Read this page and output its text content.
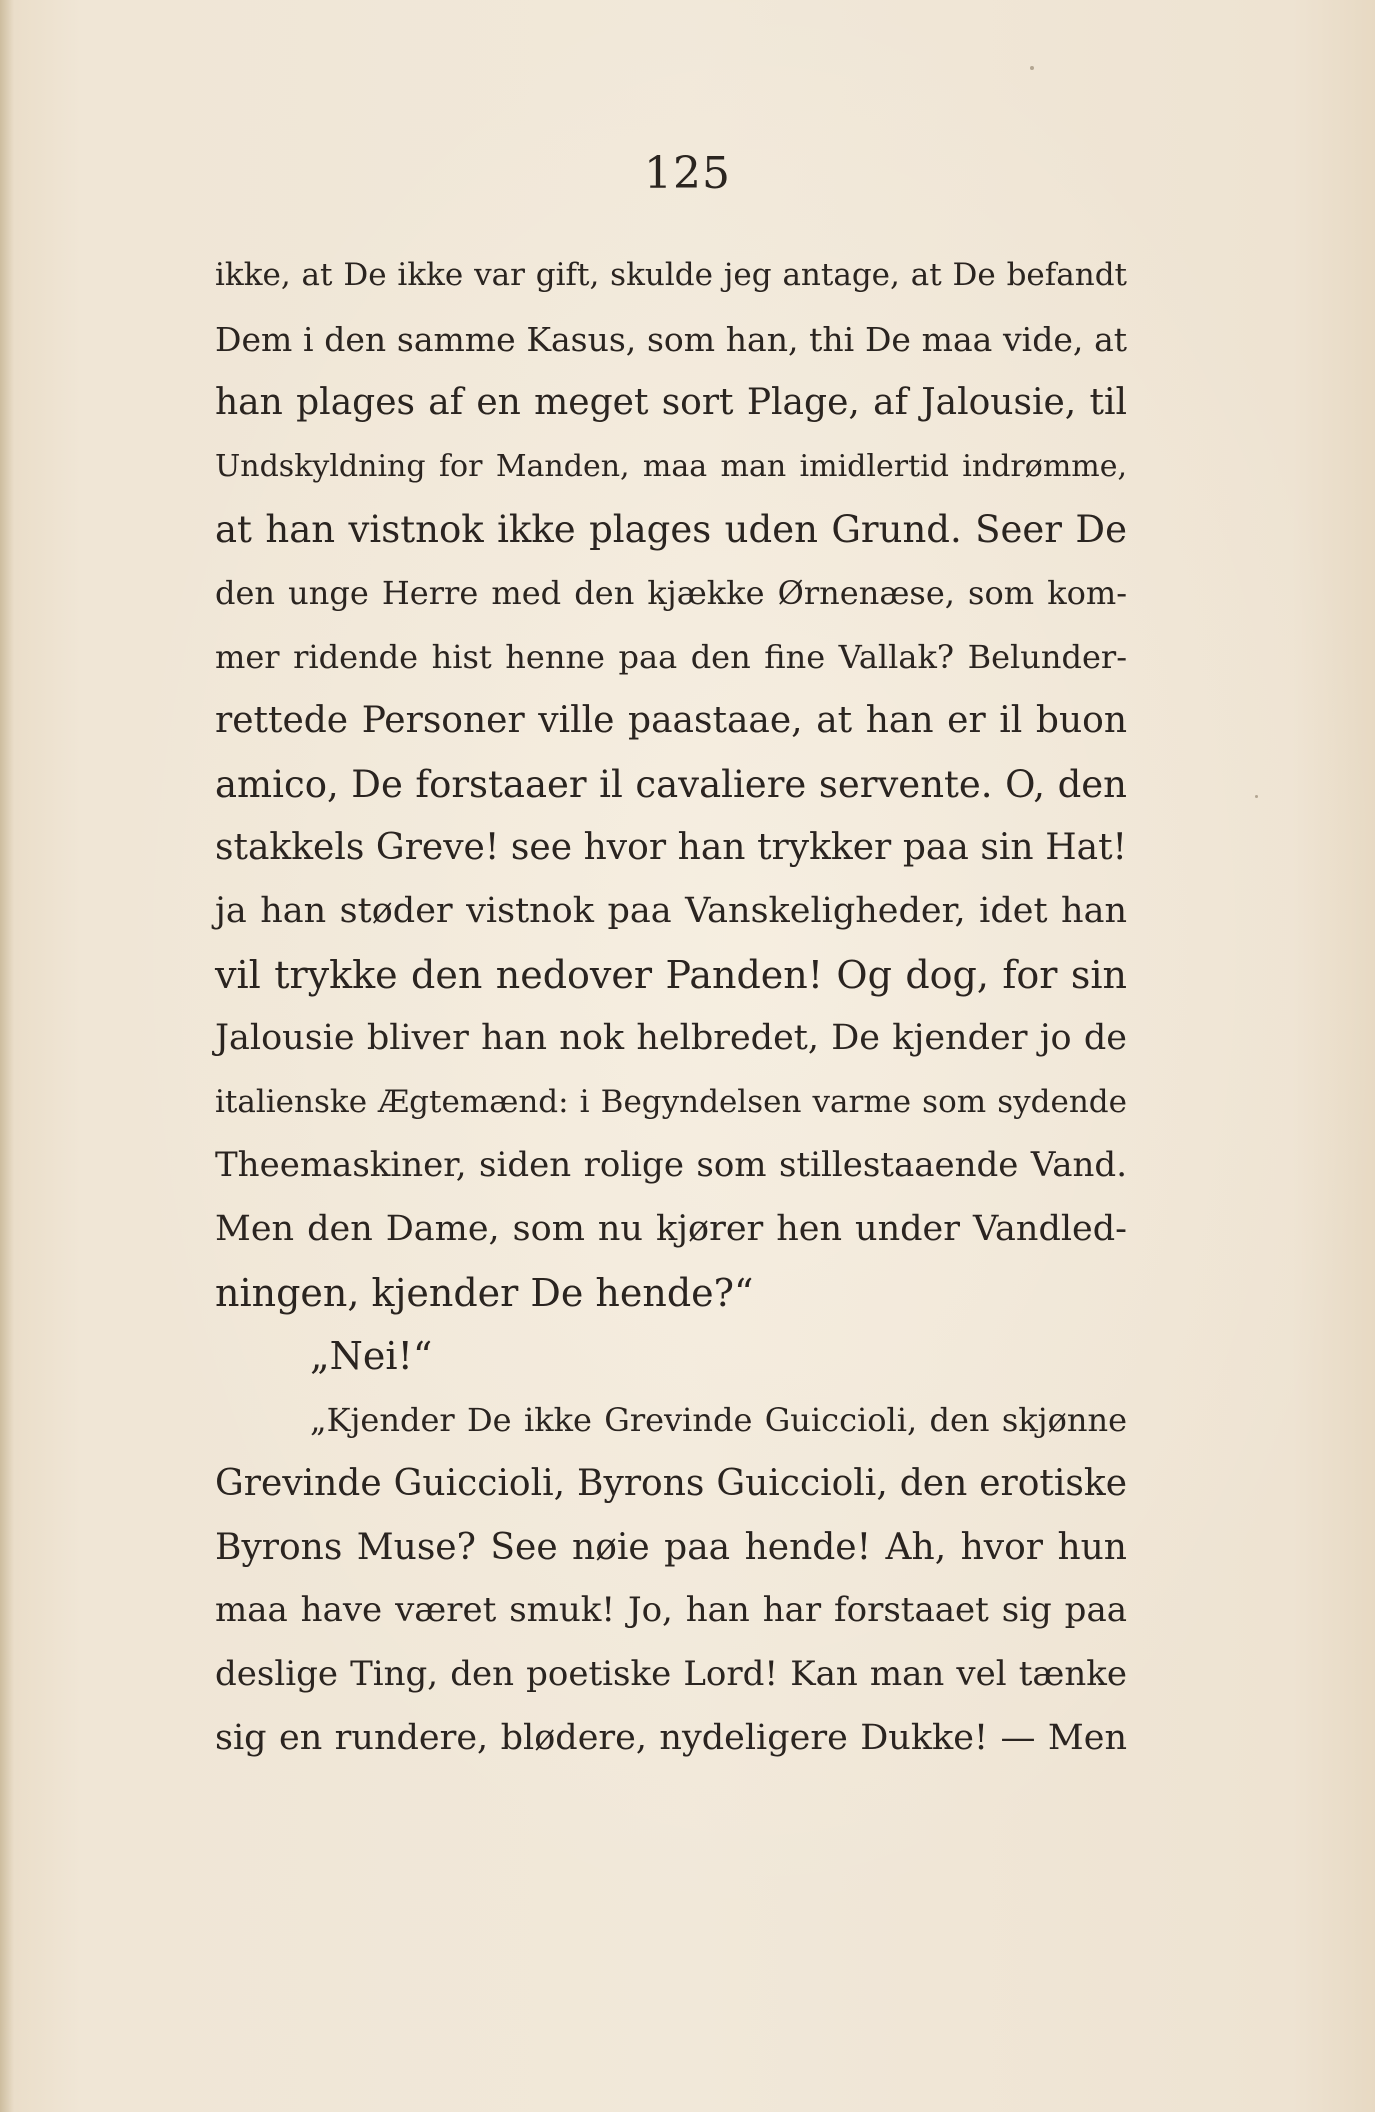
125
ikke, at De ikke var gift, skulde jeg antage, at De befandt
Dem i den samme Kasus, som han, thi De maa vide, at
han plages af en meget sort Plage, af Jalousie, til
Undskyldning for Manden, maa man imidlertid indrømme,
at han vistnok ikke plages uden Grund. Seer De
den unge Herre med den kjække Ørnenæse, som kom-
mer ridende hist henne paa den fine Vallak? Belunder-
rettede Personer ville paastaae, at han er il buon
amico, De forstaaer il cavaliere servente. O, den
stakkels Greve! see hvor han trykker paa sin Hat!
ja han støder vistnok paa Vanskeligheder, idet han
vil trykke den nedover Panden! Og dog, for sin
Jalousie bliver han nok helbredet, De kjender jo de
italienske Ægtemænd: i Begyndelsen varme som sydende
Theemaskiner, siden rolige som stillestaaende Vand.
Men den Dame, som nu kjører hen under Vandled-
ningen, kjender De hende?“
„Nei!“
„Kjender De ikke Grevinde Guiccioli, den skjønne
Grevinde Guiccioli, Byrons Guiccioli, den erotiske
Byrons Muse? See nøie paa hende! Ah, hvor hun
maa have været smuk! Jo, han har forstaaet sig paa
deslige Ting, den poetiske Lord! Kan man vel tænke
sig en rundere, blødere, nydeligere Dukke! — Men
